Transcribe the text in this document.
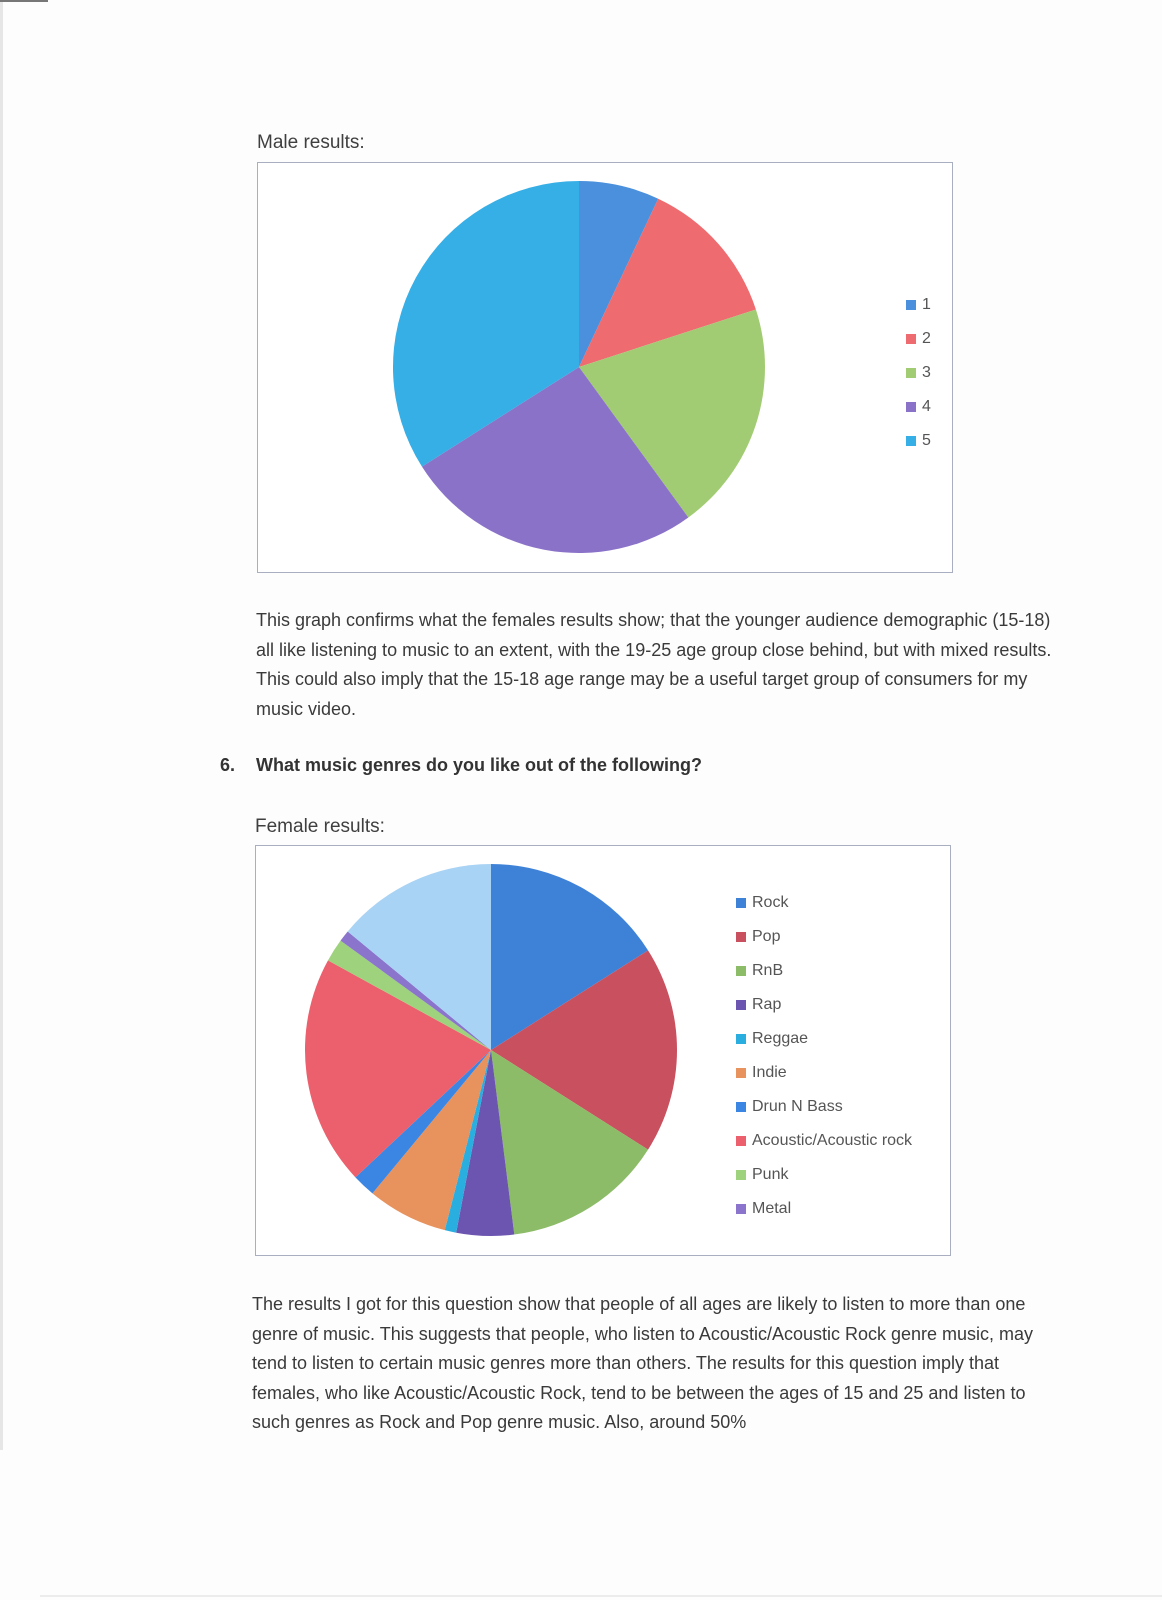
Male results:
1
2
3
4
5
This graph confirms what the females results show; that the younger audience demographic (15-18) all like listening to music to an extent, with the 19-25 age group close behind, but with mixed results. This could also imply that the 15-18 age range may be a useful target group of consumers for my music video.
6.	What music genres do you like out of the following?
Female results:
Rock
Pop
RnB
Rap
Reggae
Indie
Drun N Bass
Acoustic/Acoustic rock
Punk
Metal
The results I got for this question show that people of all ages are likely to listen to more than one genre of music. This suggests that people, who listen to Acoustic/Acoustic Rock genre music, may tend to listen to certain music genres more than others. The results for this question imply that females, who like Acoustic/Acoustic Rock, tend to be between the ages of 15 and 25 and listen to such genres as Rock and Pop genre music. Also, around 50%
